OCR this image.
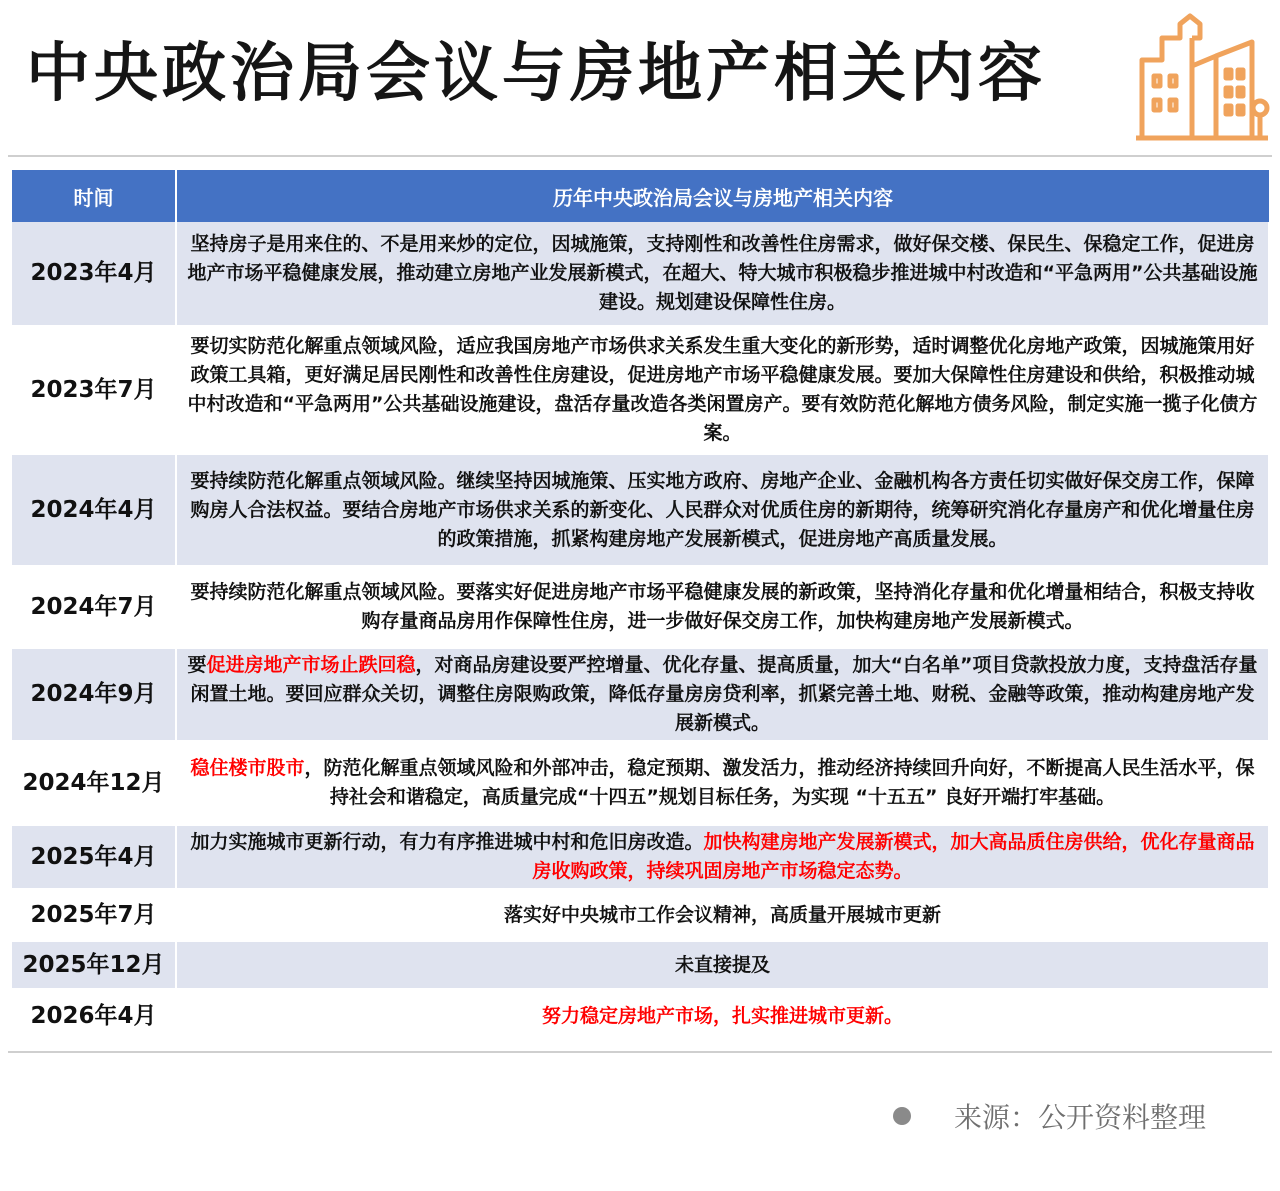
中央政治局会议与房地产相关内容
时间	历年中央政治局会议与房地产相关内容
2023年4月	坚持房子是用来住的、不是用来炒的定位，因城施策，支持刚性和改善性住房需求，做好保交楼、保民生、保稳定工作，促进房地产市场平稳健康发展，推动建立房地产业发展新模式，在超大、特大城市积极稳步推进城中村改造和“平急两用”公共基础设施建设。规划建设保障性住房。
2023年7月	要切实防范化解重点领域风险，适应我国房地产市场供求关系发生重大变化的新形势，适时调整优化房地产政策，因城施策用好政策工具箱，更好满足居民刚性和改善性住房建设，促进房地产市场平稳健康发展。要加大保障性住房建设和供给，积极推动城中村改造和“平急两用”公共基础设施建设，盘活存量改造各类闲置房产。要有效防范化解地方债务风险，制定实施一揽子化债方案。
2024年4月	要持续防范化解重点领域风险。继续坚持因城施策、压实地方政府、房地产企业、金融机构各方责任切实做好保交房工作，保障购房人合法权益。要结合房地产市场供求关系的新变化、人民群众对优质住房的新期待，统筹研究消化存量房产和优化增量住房的政策措施，抓紧构建房地产发展新模式，促进房地产高质量发展。
2024年7月	要持续防范化解重点领域风险。要落实好促进房地产市场平稳健康发展的新政策，坚持消化存量和优化增量相结合，积极支持收购存量商品房用作保障性住房，进一步做好保交房工作，加快构建房地产发展新模式。
2024年9月	要促进房地产市场止跌回稳，对商品房建设要严控增量、优化存量、提高质量，加大“白名单”项目贷款投放力度，支持盘活存量闲置土地。要回应群众关切，调整住房限购政策，降低存量房房贷利率，抓紧完善土地、财税、金融等政策，推动构建房地产发展新模式。
2024年12月	稳住楼市股市，防范化解重点领域风险和外部冲击，稳定预期、激发活力，推动经济持续回升向好，不断提高人民生活水平，保持社会和谐稳定，高质量完成“十四五”规划目标任务，为实现 “十五五” 良好开端打牢基础。
2025年4月	加力实施城市更新行动，有力有序推进城中村和危旧房改造。加快构建房地产发展新模式，加大高品质住房供给，优化存量商品房收购政策，持续巩固房地产市场稳定态势。
2025年7月	落实好中央城市工作会议精神，高质量开展城市更新
2025年12月	未直接提及
2026年4月	努力稳定房地产市场，扎实推进城市更新。
来源：公开资料整理
